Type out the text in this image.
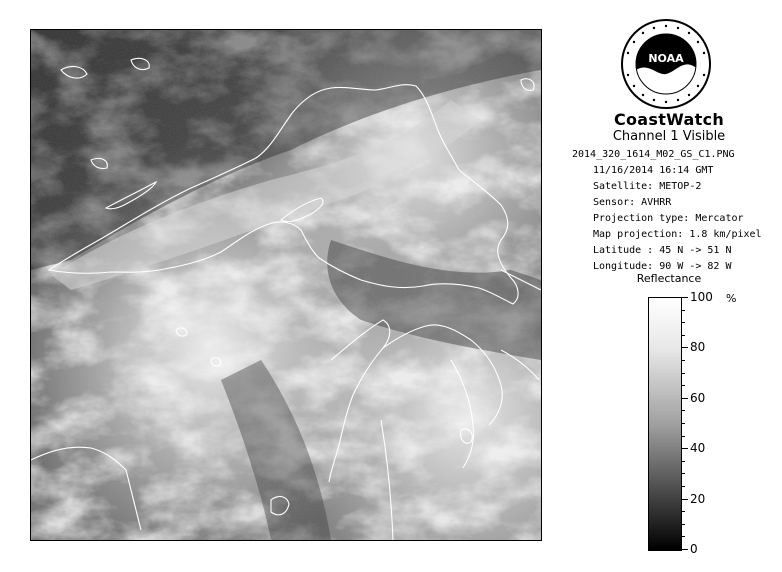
NOAA
CoastWatch
Channel 1 Visible
2014_320_1614_M02_GS_C1.PNG
11/16/2014 16:14 GMT
Satellite: METOP-2
Sensor: AVHRR
Projection type: Mercator
Map projection: 1.8 km/pixel
Latitude : 45 N -> 51 N
Longitude: 90 W -> 82 W
Reflectance
%
100
80
60
40
20
0
